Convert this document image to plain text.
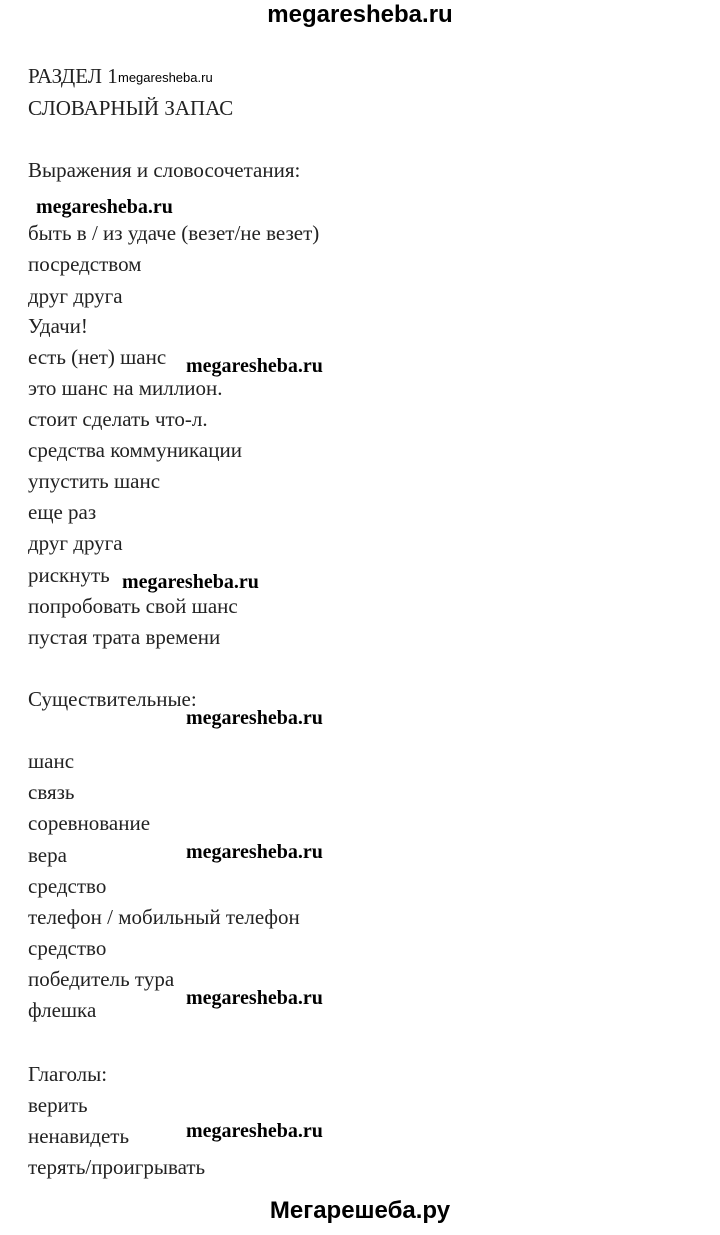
megaresheba.ru
РАЗДЕЛ 1
СЛОВАРНЫЙ ЗАПАС
Выражения и словосочетания:
быть в / из удаче (везет/не везет)
посредством
друг друга
Удачи!
есть (нет) шанс
это шанс на миллион.
стоит сделать что-л.
средства коммуникации
упустить шанс
еще раз
друг друга
рискнуть
попробовать свой шанс
пустая трата времени
Существительные:
шанс
связь
соревнование
вера
средство
телефон / мобильный телефон
средство
победитель тура
флешка
Глаголы:
верить
ненавидеть
терять/проигрывать
megaresheba.ru
megaresheba.ru
megaresheba.ru
megaresheba.ru
megaresheba.ru
megaresheba.ru
megaresheba.ru
megaresheba.ru
Мегарешеба.ру
